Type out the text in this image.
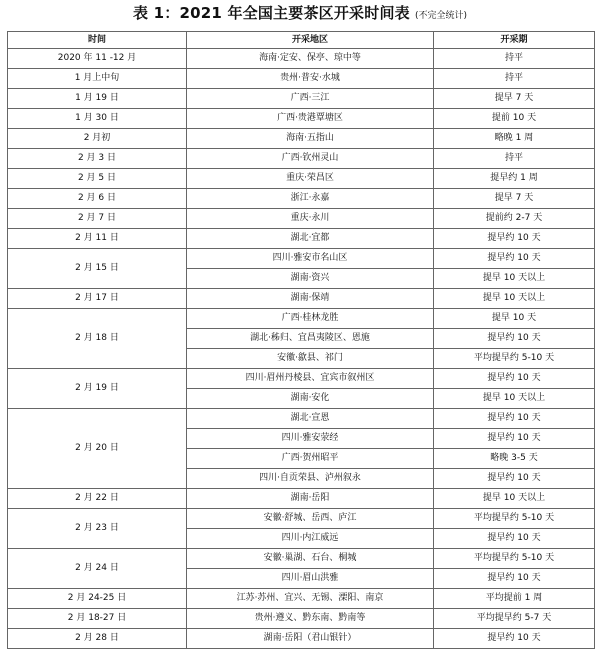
表 1：2021 年全国主要茶区开采时间表 (不完全统计)
时间	开采地区	开采期
2020 年 11 -12 月	海南·定安、保亭、琼中等	持平
1 月上中旬	贵州·普安·水城	持平
1 月 19 日	广西·三江	提早 7 天
1 月 30 日	广西·贵港覃塘区	提前 10 天
2 月初	海南·五指山	略晚 1 周
2 月 3 日	广西·钦州灵山	持平
2 月 5 日	重庆·荣昌区	提早约 1 周
2 月 6 日	浙江·永嘉	提早 7 天
2 月 7 日	重庆·永川	提前约 2-7 天
2 月 11 日	湖北·宜都	提早约 10 天
2 月 15 日	四川·雅安市名山区	提早约 10 天
	湖南·资兴	提早 10 天以上
2 月 17 日	湖南·保靖	提早 10 天以上
2 月 18 日	广西·桂林龙胜	提早 10 天
	湖北·秭归、宜昌夷陵区、恩施	提早约 10 天
	安徽·歙县、祁门	平均提早约 5-10 天
2 月 19 日	四川·眉州丹棱县、宜宾市叙州区	提早约 10 天
	湖南·安化	提早 10 天以上
2 月 20 日	湖北·宣恩	提早约 10 天
	四川·雅安荥经	提早约 10 天
	广西·贺州昭平	略晚 3-5 天
	四川·自贡荣县、泸州叙永	提早约 10 天
2 月 22 日	湖南·岳阳	提早 10 天以上
2 月 23 日	安徽·舒城、岳西、庐江	平均提早约 5-10 天
	四川·内江威远	提早约 10 天
2 月 24 日	安徽·巢湖、石台、桐城	平均提早约 5-10 天
	四川·眉山洪雅	提早约 10 天
2 月 24-25 日	江苏·苏州、宜兴、无锡、溧阳、南京	平均提前 1 周
2 月 18-27 日	贵州·遵义、黔东南、黔南等	平均提早约 5-7 天
2 月 28 日	湖南·岳阳（君山银针）	提早约 10 天
